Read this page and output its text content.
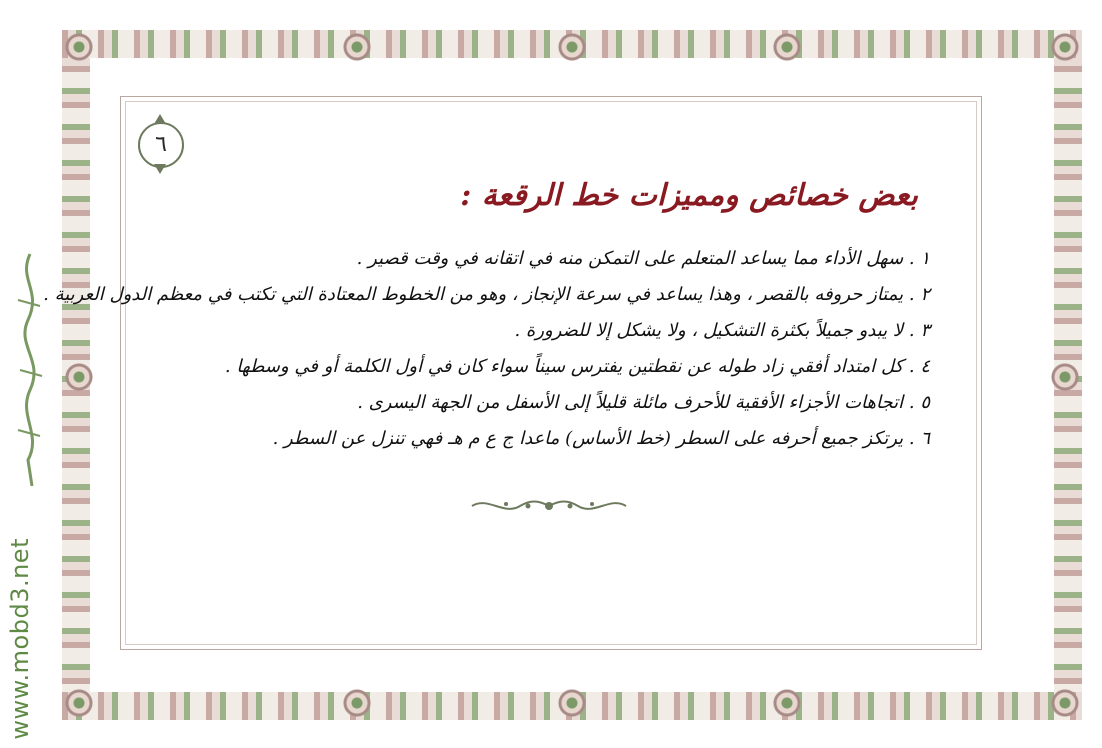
٦
بعض خصائص ومميزات خط الرقعة :
١ . سهل الأداء مما يساعد المتعلم على التمكن منه في اتقانه في وقت قصير .
٢ . يمتاز حروفه بالقصر ، وهذا يساعد في سرعة الإنجاز ، وهو من الخطوط المعتادة التي تكتب في معظم الدول العربية .
٣ . لا يبدو جميلاً بكثرة التشكيل ، ولا يشكل إلا للضرورة .
٤ . كل امتداد أفقي زاد طوله عن نقطتين يفترس سيناً سواء كان في أول الكلمة أو في وسطها .
٥ . اتجاهات الأجزاء الأفقية للأحرف مائلة قليلاً إلى الأسفل من الجهة اليسرى .
٦ . يرتكز جميع أحرفه على السطر (خط الأساس) ماعدا ج ع م هـ فهي تنزل عن السطر .
www.mobd3.net
